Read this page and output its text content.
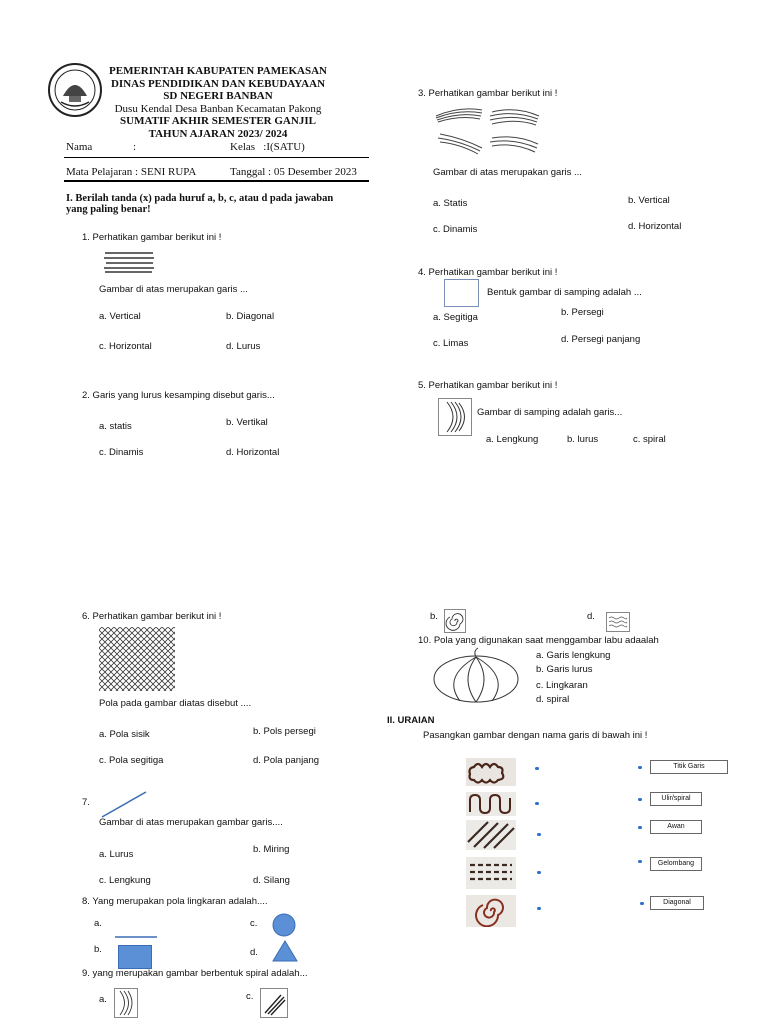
PEMERINTAH KABUPATEN PAMEKASAN
DINAS PENDIDIKAN DAN KEBUDAYAAN
SD NEGERI BANBAN
Dusu Kendal Desa Banban Kecamatan Pakong
SUMATIF AKHIR SEMESTER GANJIL
TAHUN AJARAN 2023/ 2024
Nama	:	Kelas   :I(SATU)
Mata Pelajaran : SENI RUPA	Tanggal : 05 Desember 2023
I. Berilah tanda (x) pada huruf a, b, c, atau d pada jawaban
yang paling benar!
1. Perhatikan gambar berikut ini !
Gambar di atas merupakan garis ...
a. Vertical	b. Diagonal
c. Horizontal	d. Lurus
2. Garis yang lurus kesamping disebut garis...
a. statis	b. Vertikal
c. Dinamis	d. Horizontal
3. Perhatikan gambar berikut ini !
Gambar di atas merupakan garis ...
a. Statis	b. Vertical
c. Dinamis	d. Horizontal
4. Perhatikan gambar berikut ini !
Bentuk gambar di samping adalah ...
a. Segitiga	b. Persegi
c. Limas	d. Persegi panjang
5. Perhatikan gambar berikut ini !
Gambar di samping adalah garis...
a. Lengkung	b. lurus	c. spiral
6. Perhatikan gambar berikut ini !
Pola pada gambar diatas disebut ....
a. Pola sisik	b. Pols persegi
c. Pola segitiga	d. Pola panjang
7.
Gambar di atas merupakan gambar garis....
a. Lurus	b. Miring
c. Lengkung	d. Silang
8. Yang merupakan pola lingkaran adalah....
a.	c.
b.	d.
9. yang merupakan gambar berbentuk spiral adalah...
a.	c.
b.	d.
10. Pola yang digunakan saat menggambar labu adaalah
a. Garis lengkung
b. Garis lurus
c. Lingkaran
d. spiral
II. URAIAN
Pasangkan gambar dengan nama garis di bawah ini !
Titik Garis
Ulir/spiral
Awan
Gelombang
Diagonal
